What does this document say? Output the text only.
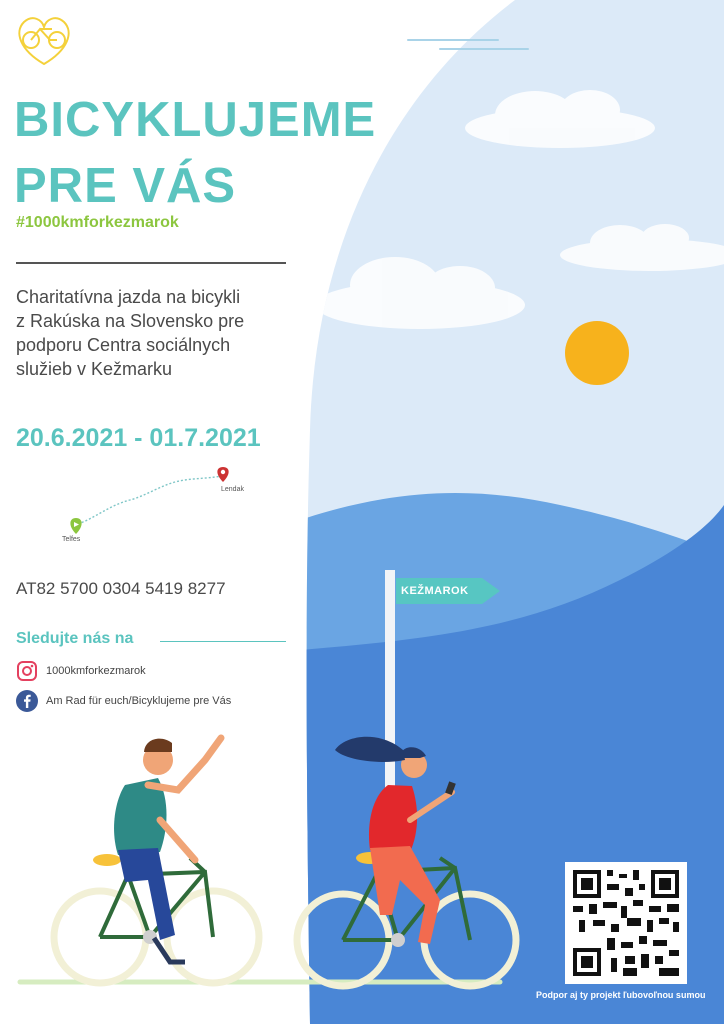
BICYKLUJEME
PRE VÁS
#1000kmforkezmarok
Charitatívna jazda na bicykli
z Rakúska na Slovensko pre
podporu Centra sociálnych
služieb v Kežmarku
20.6.2021 - 01.7.2021
Lendak
Telfes
AT82 5700 0304 5419 8277
Sledujte nás na
1000kmforkezmarok
Am Rad für euch/Bicyklujeme pre Vás
KEŽMAROK
Podpor aj ty projekt ľubovoľnou sumou
